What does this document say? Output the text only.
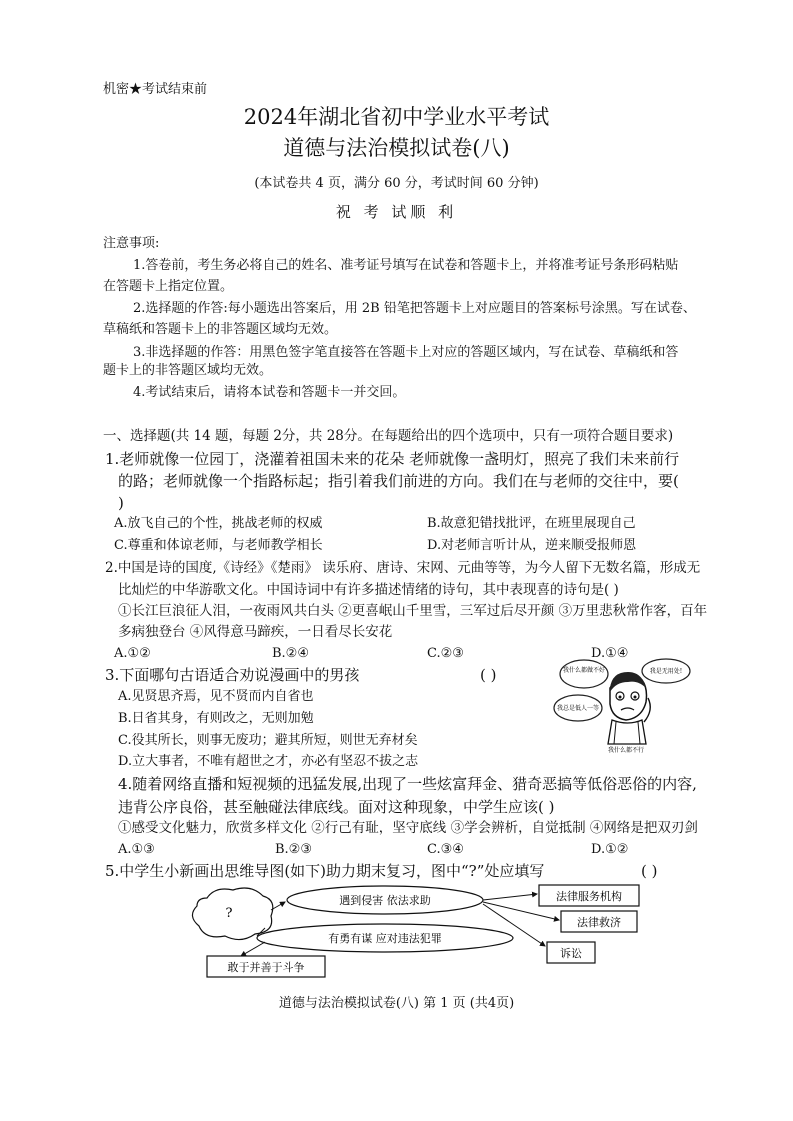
机密★考试结束前
2024年湖北省初中学业水平考试
道德与法治模拟试卷(八)
(本试卷共 4 页，满分 60 分，考试时间 60 分钟)
祝 考 试顺 利
注意事项:
1.答卷前，考生务必将自己的姓名、准考证号填写在试卷和答题卡上，并将准考证号条形码粘贴
在答题卡上指定位置。
2.选择题的作答:每小题选出答案后，用 2B 铅笔把答题卡上对应题目的答案标号涂黑。写在试卷、
草稿纸和答题卡上的非答题区域均无效。
3.非选择题的作答：用黑色签字笔直接答在答题卡上对应的答题区域内，写在试卷、草稿纸和答
题卡上的非答题区域均无效。
4.考试结束后，请将本试卷和答题卡一并交回。
一、选择题(共 14 题，每题 2分，共 28分。在每题给出的四个选项中，只有一项符合题目要求)
1.老师就像一位园丁，浇灌着祖国未来的花朵 老师就像一盏明灯，照亮了我们未来前行
的路；老师就像一个指路标起；指引着我们前进的方向。我们在与老师的交往中，要(
)
A.放飞自己的个性，挑战老师的权威	B.故意犯错找批评，在班里展现自己
C.尊重和体谅老师，与老师教学相长	D.对老师言听计从，逆来顺受报师恩
2.中国是诗的国度,《诗经》《楚雨》 读乐府、唐诗、宋网、元曲等等，为今人留下无数名篇，形成无
比灿烂的中华游歌文化。中国诗词中有许多描述情绪的诗句，其中表现喜的诗句是( )
①长江巨浪征人泪，一夜雨风共白头 ②更喜岷山千里雪，三军过后尽开颜 ③万里悲秋常作客，百年
多病独登台 ④风得意马蹄疾，一日看尽长安花
A.①②	B.②④	C.②③	D.①④
3.下面哪句古语适合劝说漫画中的男孩	( )
A.见贤思齐焉，见不贤而内自省也
B.日省其身，有则改之，无则加勉
C.役其所长，则事无废功；避其所短，则世无弃材矣
D.立大事者，不唯有超世之才，亦必有坚忍不拔之志
我什么都做不好	我是无用处!
我总是低人一等
我什么都不行
4.随着网络直播和短视频的迅猛发展,出现了一些炫富拜金、猎奇恶搞等低俗恶俗的内容,
违背公序良俗，甚至触碰法律底线。面对这种现象，中学生应该( )
①感受文化魅力，欣赏多样文化 ②行己有耻，坚守底线 ③学会辨析，自觉抵制 ④网络是把双刃剑
A.①③	B.②③	C.③④	D.①②
5.中学生小新画出思维导图(如下)助力期末复习，图中“?”处应填写	( )
?
遇到侵害 依法求助
有勇有谋 应对违法犯罪
敢于并善于斗争
法律服务机构
法律救济
诉讼
道德与法治模拟试卷(八) 第 1 页 (共4页)
